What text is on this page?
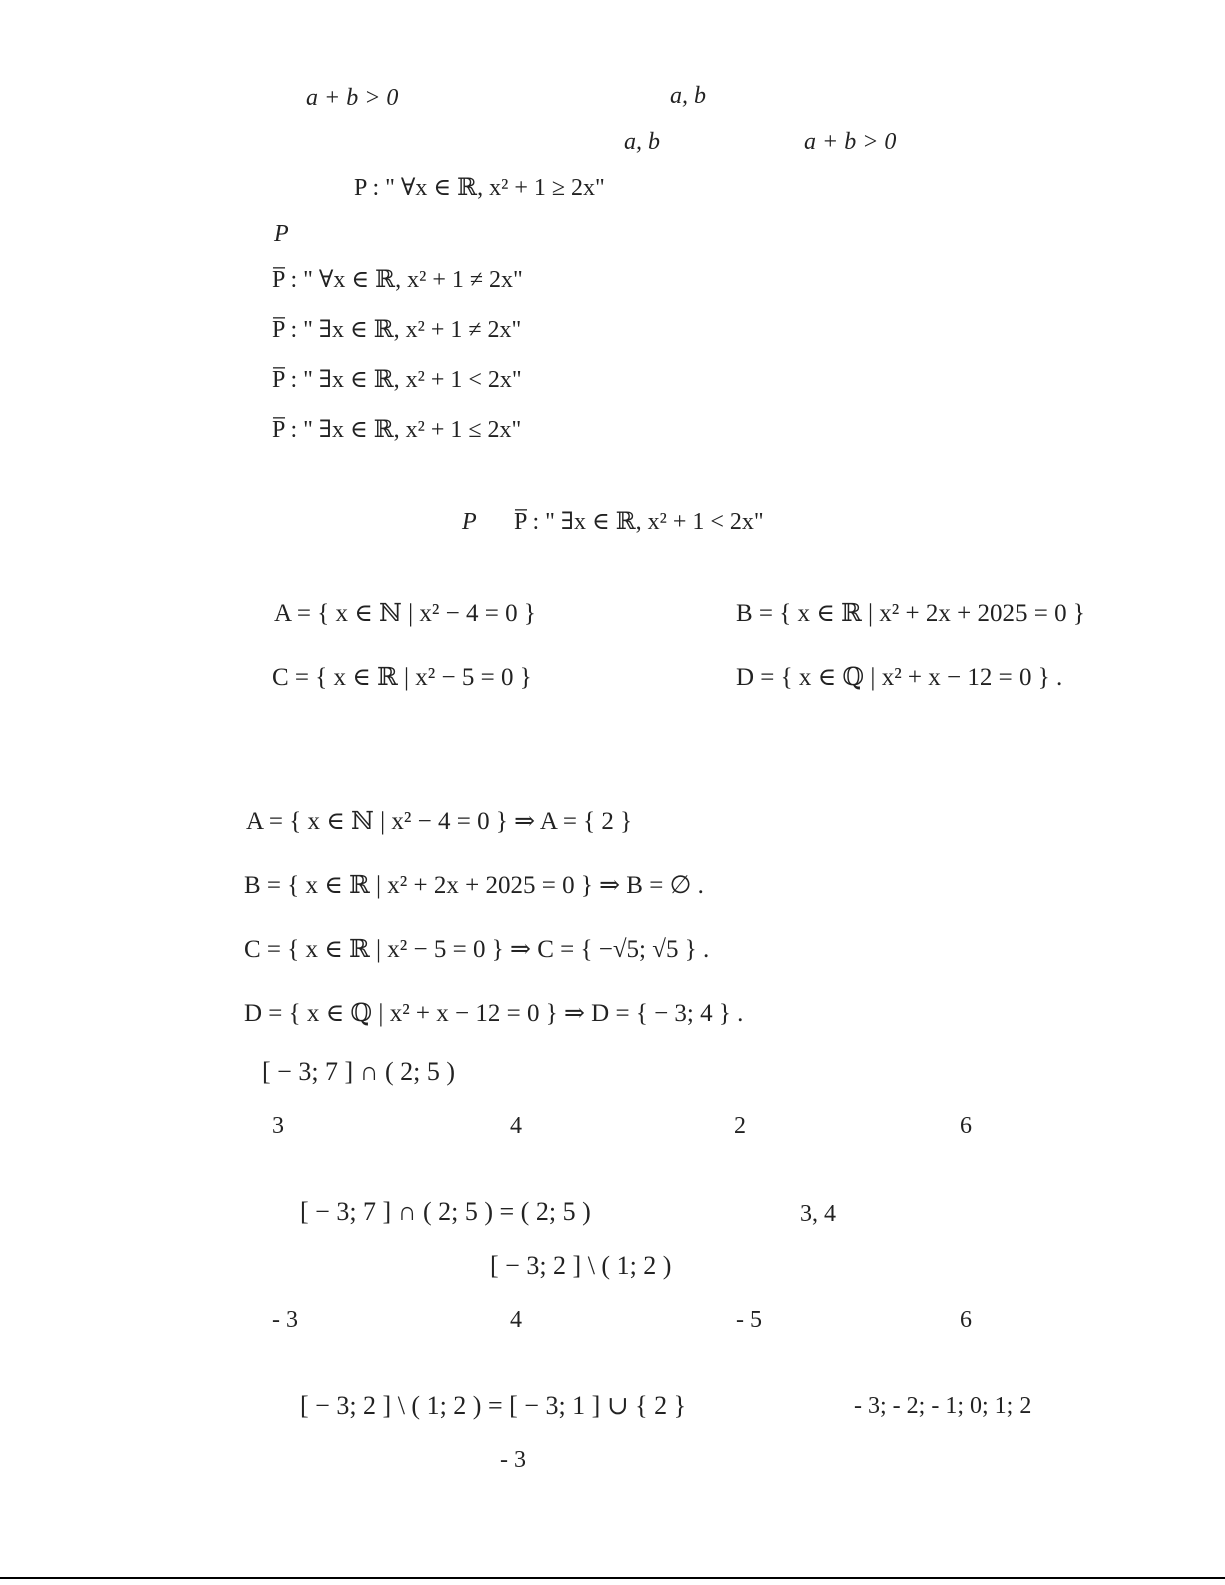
a + b > 0	a, b
a, b	a + b > 0
P : " ∀x ∈ ℝ, x² + 1 ≥ 2x"
P
P̅ : " ∀x ∈ ℝ, x² + 1 ≠ 2x"
P̅ : " ∃x ∈ ℝ, x² + 1 ≠ 2x"
P̅ : " ∃x ∈ ℝ, x² + 1 < 2x"
P̅ : " ∃x ∈ ℝ, x² + 1 ≤ 2x"
P P̅ : " ∃x ∈ ℝ, x² + 1 < 2x"
A = { x ∈ ℕ | x² − 4 = 0 }	B = { x ∈ ℝ | x² + 2x + 2025 = 0 }
C = { x ∈ ℝ | x² − 5 = 0 }	D = { x ∈ ℚ | x² + x − 12 = 0 } .
A = { x ∈ ℕ | x² − 4 = 0 } ⇒ A = { 2 }
B = { x ∈ ℝ | x² + 2x + 2025 = 0 } ⇒ B = ∅ .
C = { x ∈ ℝ | x² − 5 = 0 } ⇒ C = { −√5; √5 } .
D = { x ∈ ℚ | x² + x − 12 = 0 } ⇒ D = { − 3; 4 } .
[ − 3; 7 ] ∩ ( 2; 5 )
3	4	2	6
[ − 3; 7 ] ∩ ( 2; 5 ) = ( 2; 5 )	3, 4
[ − 3; 2 ] \ ( 1; 2 )
- 3	4	- 5	6
[ − 3; 2 ] \ ( 1; 2 ) = [ − 3; 1 ] ∪ { 2 }	- 3; - 2; - 1; 0; 1; 2
- 3
